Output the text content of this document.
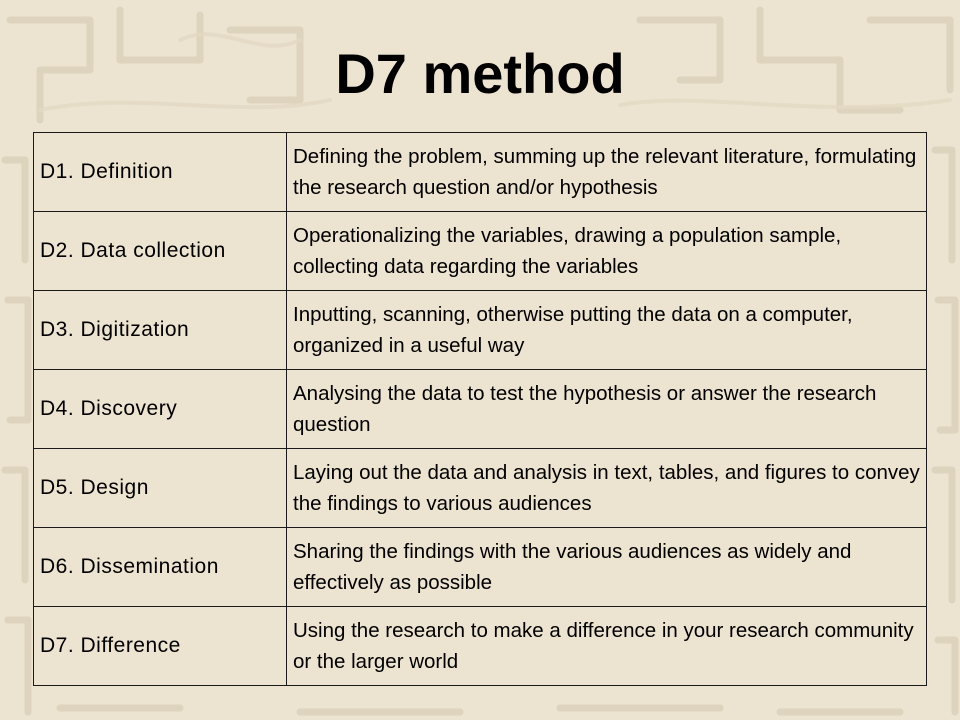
D7 method
D1. Definition	Defining the problem, summing up the relevant literature, formulating the research question and/or hypothesis
D2. Data collection	Operationalizing the variables, drawing a population sample, collecting data regarding the variables
D3. Digitization	Inputting, scanning, otherwise putting the data on a computer, organized in a useful way
D4. Discovery	Analysing the data to test the hypothesis or answer the research question
D5. Design	Laying out the data and analysis in text, tables, and figures to convey the findings to various audiences
D6. Dissemination	Sharing the findings with the various audiences as widely and effectively as possible
D7. Difference	Using the research to make a difference in your research community or the larger world
